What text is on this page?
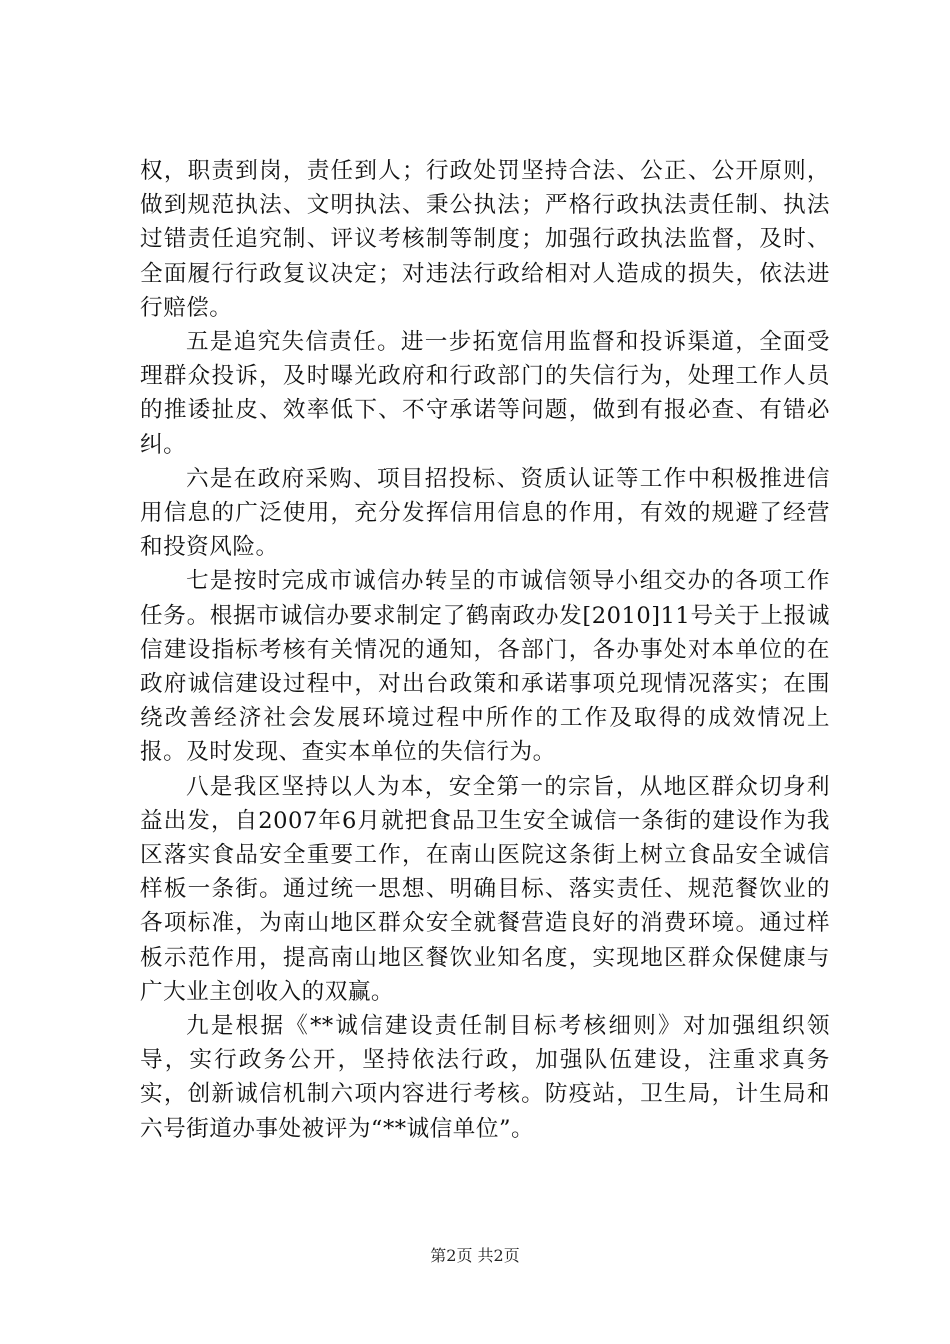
权，职责到岗，责任到人；行政处罚坚持合法、公正、公开原则，做到规范执法、文明执法、秉公执法；严格行政执法责任制、执法过错责任追究制、评议考核制等制度；加强行政执法监督，及时、全面履行行政复议决定；对违法行政给相对人造成的损失，依法进行赔偿。

五是追究失信责任。进一步拓宽信用监督和投诉渠道，全面受理群众投诉，及时曝光政府和行政部门的失信行为，处理工作人员的推诿扯皮、效率低下、不守承诺等问题，做到有报必查、有错必纠。

六是在政府采购、项目招投标、资质认证等工作中积极推进信用信息的广泛使用，充分发挥信用信息的作用，有效的规避了经营和投资风险。

七是按时完成市诚信办转呈的市诚信领导小组交办的各项工作任务。根据市诚信办要求制定了鹤南政办发[2010]11号关于上报诚信建设指标考核有关情况的通知，各部门，各办事处对本单位的在政府诚信建设过程中，对出台政策和承诺事项兑现情况落实；在围绕改善经济社会发展环境过程中所作的工作及取得的成效情况上报。及时发现、查实本单位的失信行为。

八是我区坚持以人为本，安全第一的宗旨，从地区群众切身利益出发，自2007年6月就把食品卫生安全诚信一条街的建设作为我区落实食品安全重要工作，在南山医院这条街上树立食品安全诚信样板一条街。通过统一思想、明确目标、落实责任、规范餐饮业的各项标准，为南山地区群众安全就餐营造良好的消费环境。通过样板示范作用，提高南山地区餐饮业知名度，实现地区群众保健康与广大业主创收入的双赢。

九是根据《**诚信建设责任制目标考核细则》对加强组织领导，实行政务公开，坚持依法行政，加强队伍建设，注重求真务实，创新诚信机制六项内容进行考核。防疫站，卫生局，计生局和六号街道办事处被评为“**诚信单位”。

第2页 共2页
